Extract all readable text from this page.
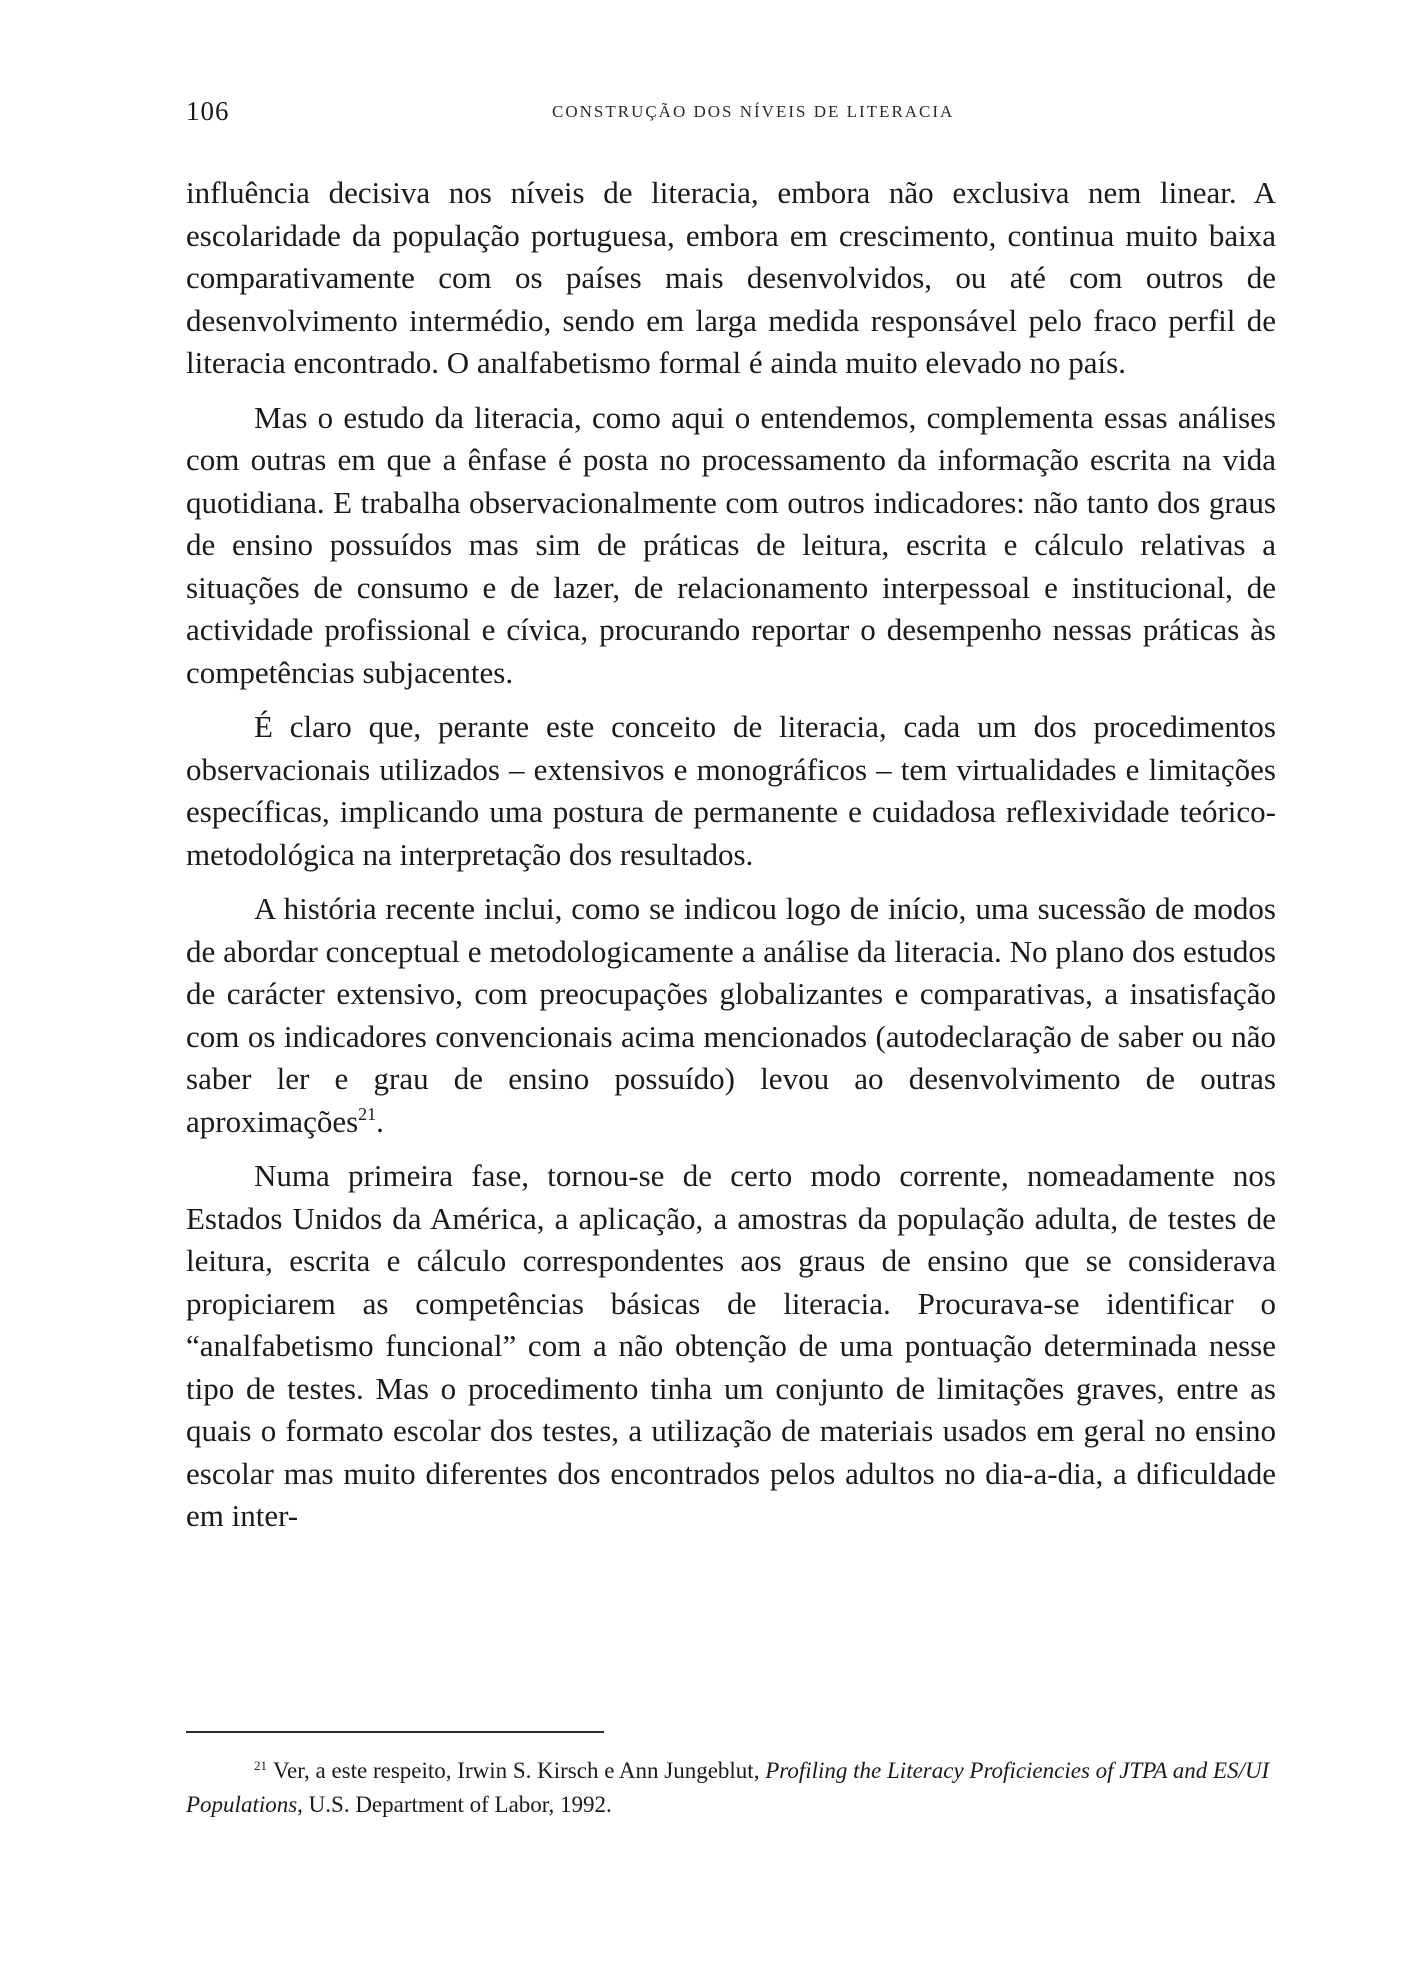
106	CONSTRUÇÃO DOS NÍVEIS DE LITERACIA

influência decisiva nos níveis de literacia, embora não exclusiva nem linear. A escolaridade da população portuguesa, embora em crescimento, continua muito baixa comparativamente com os países mais desenvolvidos, ou até com outros de desenvolvimento intermédio, sendo em larga medida responsável pelo fraco perfil de literacia encontrado. O analfabetismo formal é ainda muito elevado no país.

Mas o estudo da literacia, como aqui o entendemos, complementa essas análises com outras em que a ênfase é posta no processamento da informação escrita na vida quotidiana. E trabalha observacionalmente com outros indicadores: não tanto dos graus de ensino possuídos mas sim de práticas de leitura, escrita e cálculo relativas a situações de consumo e de lazer, de relacionamento interpessoal e institucional, de actividade profissional e cívica, procurando reportar o desempenho nessas práticas às competências subjacentes.

É claro que, perante este conceito de literacia, cada um dos procedimentos observacionais utilizados – extensivos e monográficos – tem virtualidades e limitações específicas, implicando uma postura de permanente e cuidadosa reflexividade teórico-metodológica na interpretação dos resultados.

A história recente inclui, como se indicou logo de início, uma sucessão de modos de abordar conceptual e metodologicamente a análise da literacia. No plano dos estudos de carácter extensivo, com preocupações globalizantes e comparativas, a insatisfação com os indicadores convencionais acima mencionados (autodeclaração de saber ou não saber ler e grau de ensino possuído) levou ao desenvolvimento de outras aproximações$^{21}$.

Numa primeira fase, tornou-se de certo modo corrente, nomeadamente nos Estados Unidos da América, a aplicação, a amostras da população adulta, de testes de leitura, escrita e cálculo correspondentes aos graus de ensino que se considerava propiciarem as competências básicas de literacia. Procurava-se identificar o “analfabetismo funcional” com a não obtenção de uma pontuação determinada nesse tipo de testes. Mas o procedimento tinha um conjunto de limitações graves, entre as quais o formato escolar dos testes, a utilização de materiais usados em geral no ensino escolar mas muito diferentes dos encontrados pelos adultos no dia-a-dia, a dificuldade em inter-

$^{21}$ Ver, a este respeito, Irwin S. Kirsch e Ann Jungeblut, Profiling the Literacy Proficiencies of JTPA and ES/UI Populations, U.S. Department of Labor, 1992.
